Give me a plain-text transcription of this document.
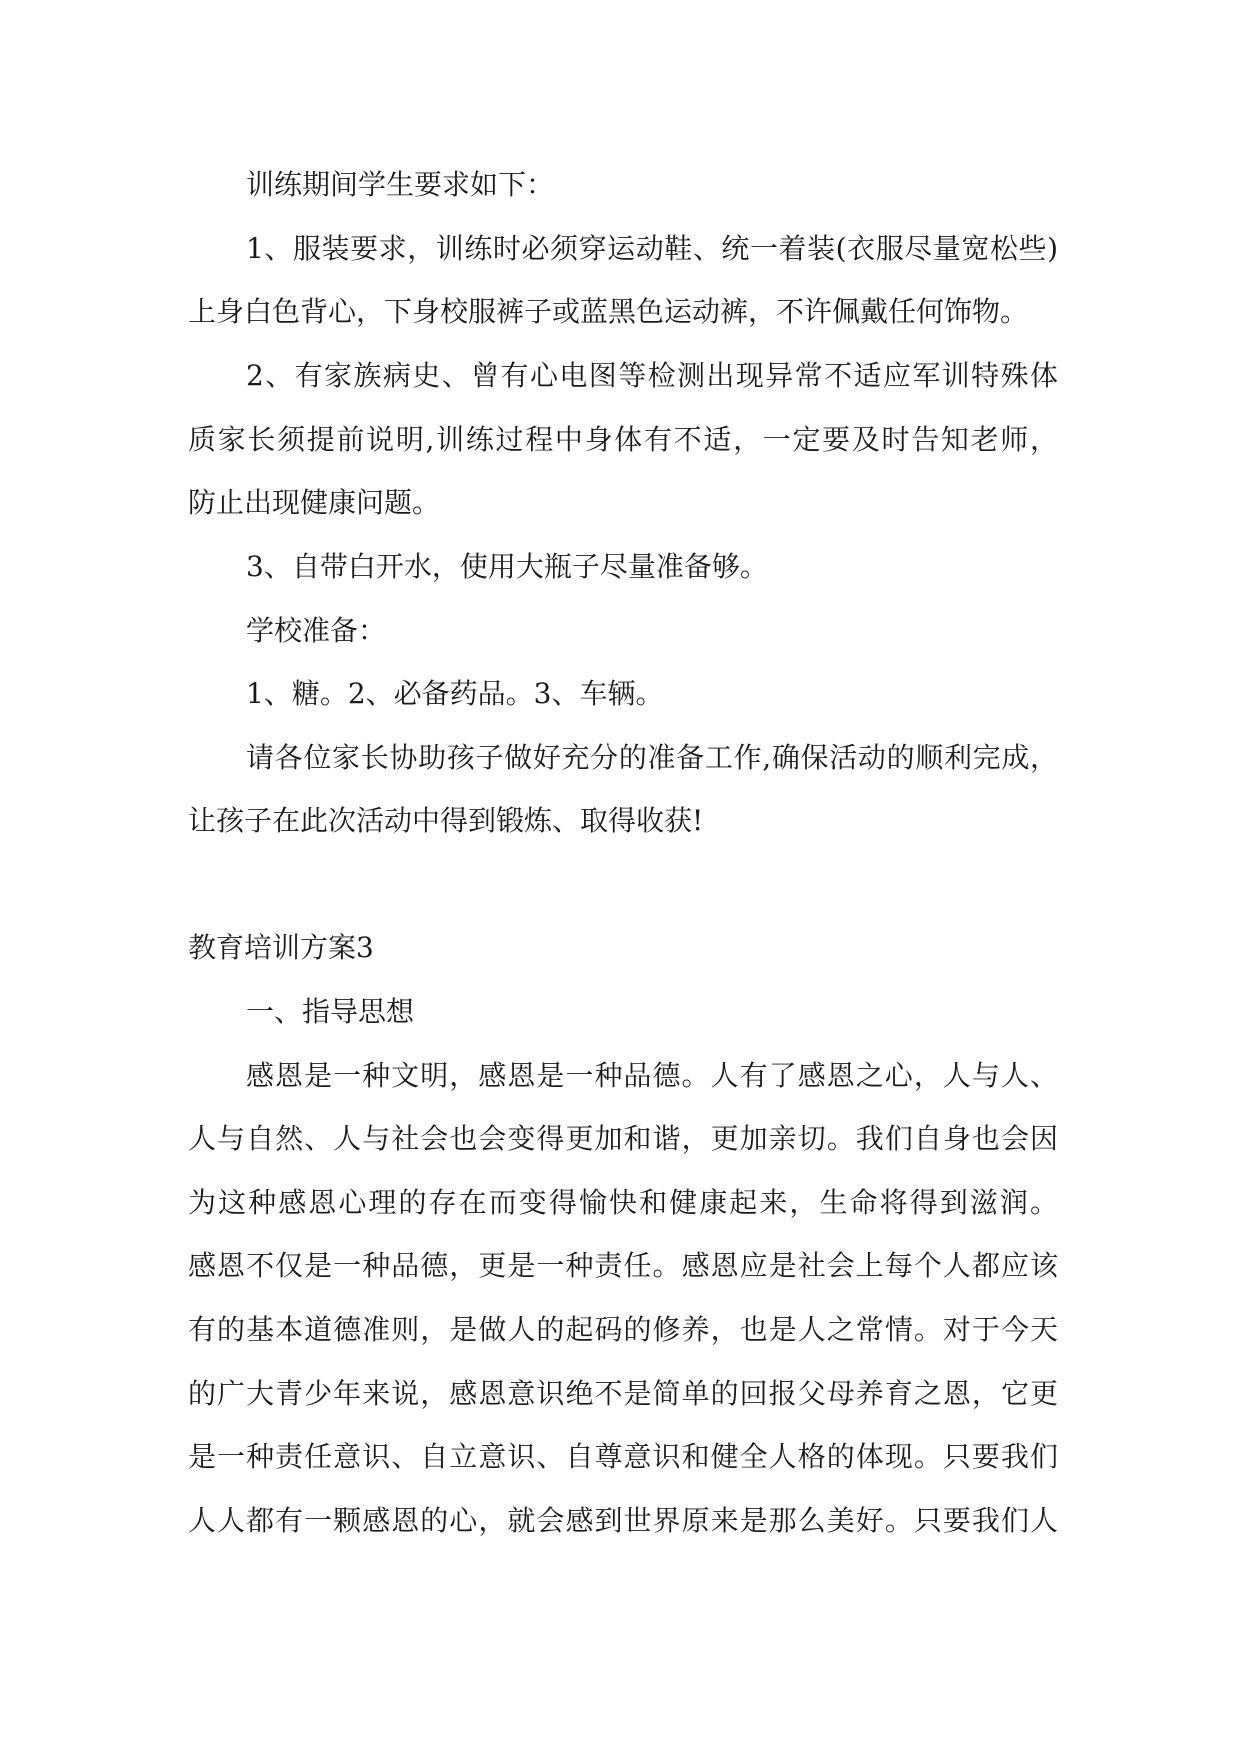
训练期间学生要求如下：
1、服装要求，训练时必须穿运动鞋、统一着装(衣服尽量宽松些)
上身白色背心，下身校服裤子或蓝黑色运动裤，不许佩戴任何饰物。
2、有家族病史、曾有心电图等检测出现异常不适应军训特殊体
质家长须提前说明,训练过程中身体有不适，一定要及时告知老师，
防止出现健康问题。
3、自带白开水，使用大瓶子尽量准备够。
学校准备：
1、糖。2、必备药品。3、车辆。
请各位家长协助孩子做好充分的准备工作,确保活动的顺利完成，
让孩子在此次活动中得到锻炼、取得收获!
教育培训方案3
一、指导思想
感恩是一种文明，感恩是一种品德。人有了感恩之心，人与人、
人与自然、人与社会也会变得更加和谐，更加亲切。我们自身也会因
为这种感恩心理的存在而变得愉快和健康起来，生命将得到滋润。
感恩不仅是一种品德，更是一种责任。感恩应是社会上每个人都应该
有的基本道德准则，是做人的起码的修养，也是人之常情。对于今天
的广大青少年来说，感恩意识绝不是简单的回报父母养育之恩，它更
是一种责任意识、自立意识、自尊意识和健全人格的体现。只要我们
人人都有一颗感恩的心，就会感到世界原来是那么美好。只要我们人
